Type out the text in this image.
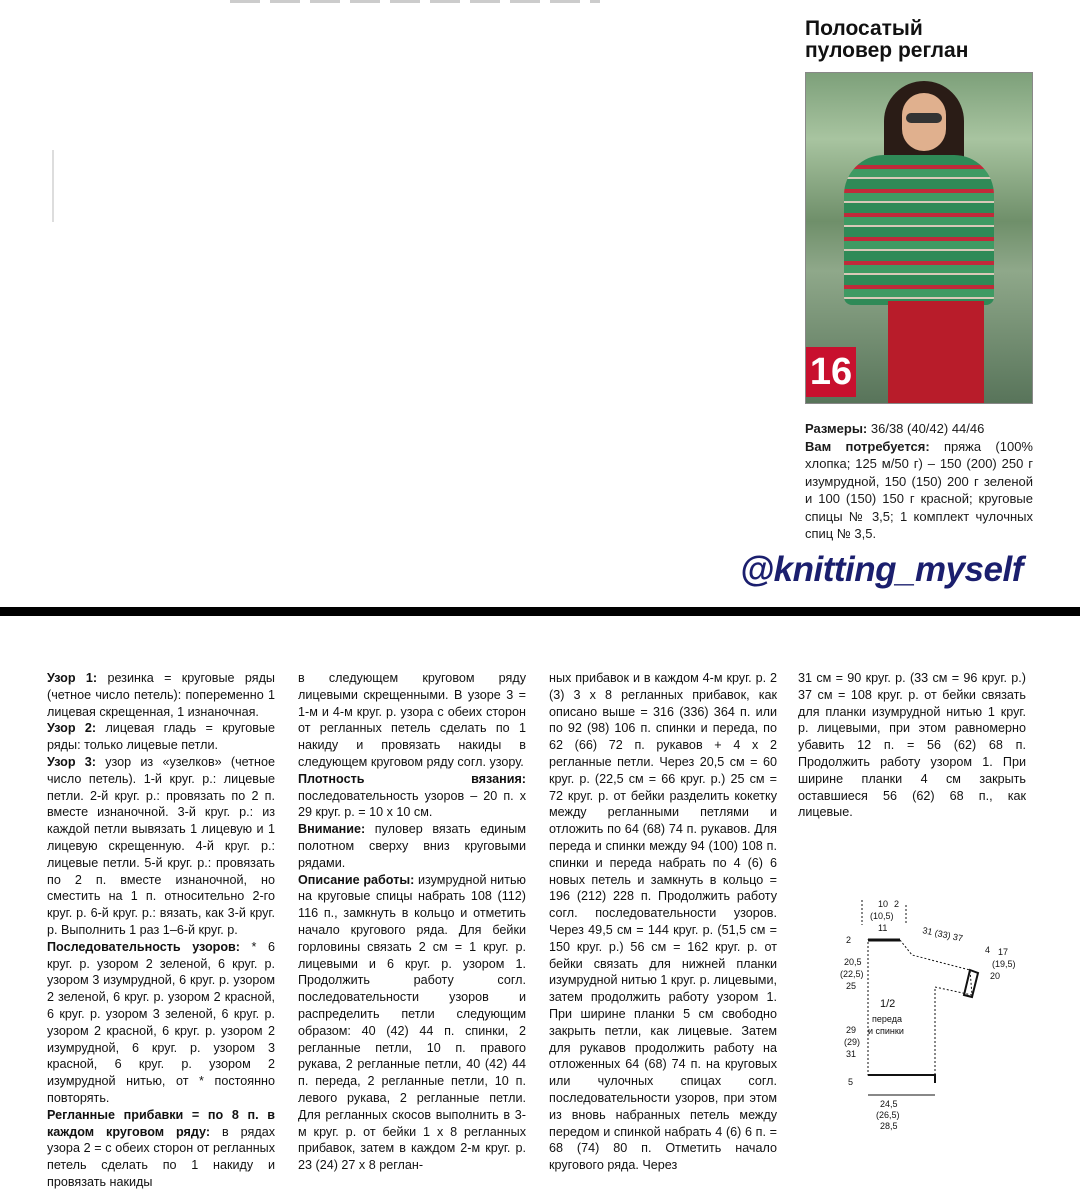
Полосатый
пуловер реглан
16
Размеры: 36/38 (40/42) 44/46
Вам потребуется: пряжа (100% хлопка; 125 м/50 г) – 150 (200) 250 г изумрудной, 150 (150) 200 г зеленой и 100 (150) 150 г красной; круговые спицы № 3,5; 1 комплект чулочных спиц № 3,5.
@knitting_myself

Узор 1: резинка = круговые ряды (четное число петель): попеременно 1 лицевая скрещенная, 1 изнаночная.

Узор 2: лицевая гладь = круговые ряды: только лицевые петли.

Узор 3: узор из «узелков» (четное число петель). 1-й круг. р.: лицевые петли. 2-й круг. р.: провязать по 2 п. вместе изнаночной. 3-й круг. р.: из каждой петли вывязать 1 лицевую и 1 лицевую скрещенную. 4-й круг. р.: лицевые петли. 5-й круг. р.: провязать по 2 п. вместе изнаночной, но сместить на 1 п. относительно 2-го круг. р. 6-й круг. р.: вязать, как 3-й круг. р. Выполнить 1 раз 1–6-й круг. р.

Последовательность узоров: * 6 круг. р. узором 2 зеленой, 6 круг. р. узором 3 изумрудной, 6 круг. р. узором 2 зеленой, 6 круг. р. узором 2 красной, 6 круг. р. узором 3 зеленой, 6 круг. р. узором 2 красной, 6 круг. р. узором 2 изумрудной, 6 круг. р. узором 3 красной, 6 круг. р. узором 2 изумрудной нитью, от * постоянно повторять.

Регланные прибавки = по 8 п. в каждом круговом ряду: в рядах узора 2 = с обеих сторон от регланных петель сделать по 1 накиду и провязать накиды

в следующем круговом ряду лицевыми скрещенными. В узоре 3 = 1-м и 4-м круг. р. узора с обеих сторон от регланных петель сделать по 1 накиду и провязать накиды в следующем круговом ряду согл. узору.

Плотность вязания: последовательность узоров – 20 п. х 29 круг. р. = 10 х 10 см.

Внимание: пуловер вязать единым полотном сверху вниз круговыми рядами.

Описание работы: изумрудной нитью на круговые спицы набрать 108 (112) 116 п., замкнуть в кольцо и отметить начало кругового ряда. Для бейки горловины связать 2 см = 1 круг. р. лицевыми и 6 круг. р. узором 1. Продолжить работу согл. последовательности узоров и распределить петли следующим образом: 40 (42) 44 п. спинки, 2 регланные петли, 10 п. правого рукава, 2 регланные петли, 40 (42) 44 п. переда, 2 регланные петли, 10 п. левого рукава, 2 регланные петли. Для регланных скосов выполнить в 3-м круг. р. от бейки 1 х 8 регланных прибавок, затем в каждом 2-м круг. р. 23 (24) 27 х 8 реглан-

ных прибавок и в каждом 4-м круг. р. 2 (3) 3 х 8 регланных прибавок, как описано выше = 316 (336) 364 п. или по 92 (98) 106 п. спинки и переда, по 62 (66) 72 п. рукавов + 4 х 2 регланные петли. Через 20,5 см = 60 круг. р. (22,5 см = 66 круг. р.) 25 см = 72 круг. р. от бейки разделить кокетку между регланными петлями и отложить по 64 (68) 74 п. рукавов. Для переда и спинки между 94 (100) 108 п. спинки и переда набрать по 4 (6) 6 новых петель и замкнуть в кольцо = 196 (212) 228 п. Продолжить работу согл. последовательности узоров. Через 49,5 см = 144 круг. р. (51,5 см = 150 круг. р.) 56 см = 162 круг. р. от бейки связать для нижней планки изумрудной нитью 1 круг. р. лицевыми, затем продолжить работу узором 1. При ширине планки 5 см свободно закрыть петли, как лицевые. Затем для рукавов продолжить работу на отложенных 64 (68) 74 п. на круговых или чулочных спицах согл. последовательности узоров, при этом из вновь набранных петель между передом и спинкой набрать 4 (6) 6 п. = 68 (74) 80 п. Отметить начало кругового ряда. Через

31 см = 90 круг. р. (33 см = 96 круг. р.) 37 см = 108 круг. р. от бейки связать для планки изумрудной нитью 1 круг. р. лицевыми, при этом равномерно убавить 12 п. = 56 (62) 68 п. Продолжить работу узором 1. При ширине планки 4 см закрыть оставшиеся 56 (62) 68 п., как лицевые.

10 2
(10,5)
11	31 (33) 37
4 17
(19,5)
20
2
20,5
(22,5)
25
29
(29)
31
5
1/2
переда
и спинки
24,5
(26,5)
28,5
